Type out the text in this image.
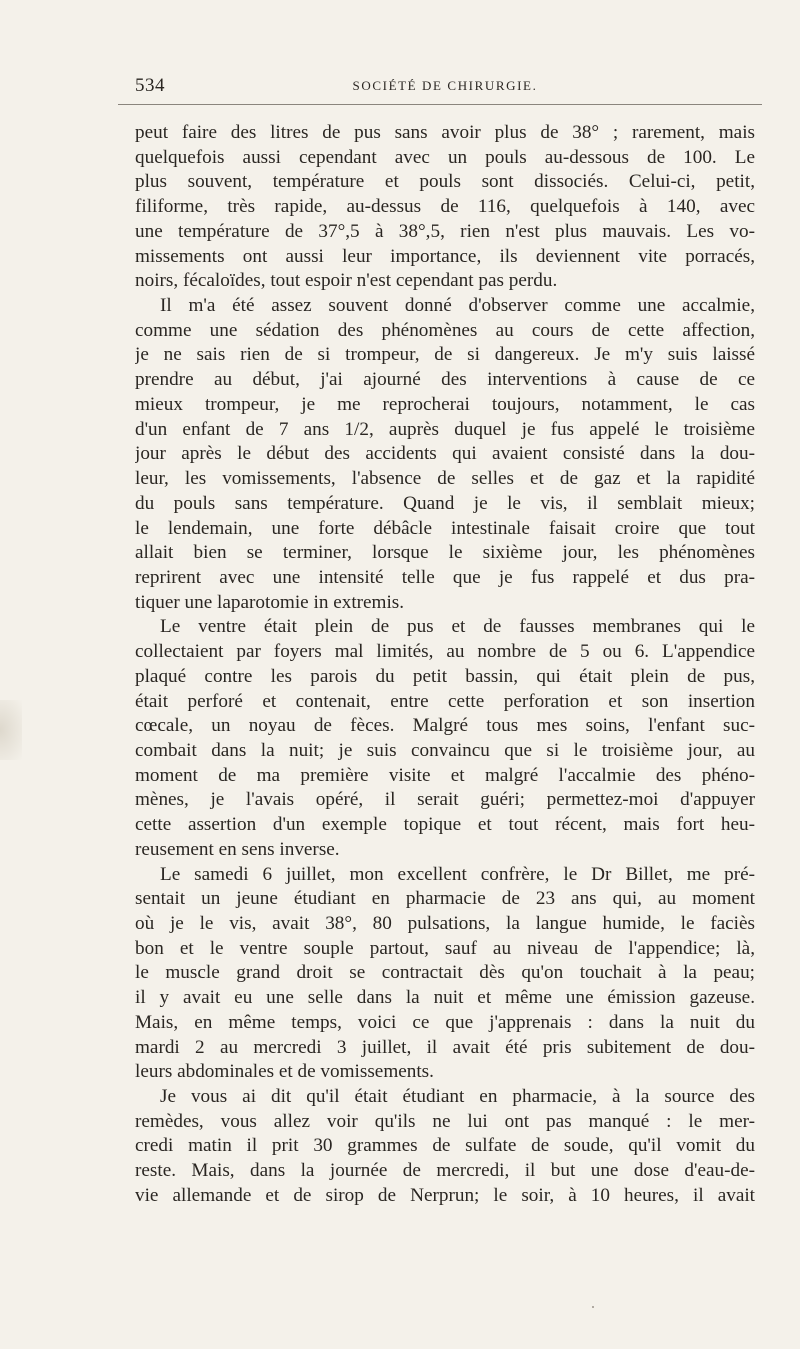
534	SOCIÉTÉ DE CHIRURGIE.
peut faire des litres de pus sans avoir plus de 38° ; rarement, mais
quelquefois aussi cependant avec un pouls au-dessous de 100. Le
plus souvent, température et pouls sont dissociés. Celui-ci, petit,
filiforme, très rapide, au-dessus de 116, quelquefois à 140, avec
une température de 37°,5 à 38°,5, rien n'est plus mauvais. Les vo-
missements ont aussi leur importance, ils deviennent vite porracés,
noirs, fécaloïdes, tout espoir n'est cependant pas perdu.
Il m'a été assez souvent donné d'observer comme une accalmie,
comme une sédation des phénomènes au cours de cette affection,
je ne sais rien de si trompeur, de si dangereux. Je m'y suis laissé
prendre au début, j'ai ajourné des interventions à cause de ce
mieux trompeur, je me reprocherai toujours, notamment, le cas
d'un enfant de 7 ans 1/2, auprès duquel je fus appelé le troisième
jour après le début des accidents qui avaient consisté dans la dou-
leur, les vomissements, l'absence de selles et de gaz et la rapidité
du pouls sans température. Quand je le vis, il semblait mieux;
le lendemain, une forte débâcle intestinale faisait croire que tout
allait bien se terminer, lorsque le sixième jour, les phénomènes
reprirent avec une intensité telle que je fus rappelé et dus pra-
tiquer une laparotomie in extremis.
Le ventre était plein de pus et de fausses membranes qui le
collectaient par foyers mal limités, au nombre de 5 ou 6. L'appendice
plaqué contre les parois du petit bassin, qui était plein de pus,
était perforé et contenait, entre cette perforation et son insertion
cœcale, un noyau de fèces. Malgré tous mes soins, l'enfant suc-
combait dans la nuit; je suis convaincu que si le troisième jour, au
moment de ma première visite et malgré l'accalmie des phéno-
mènes, je l'avais opéré, il serait guéri; permettez-moi d'appuyer
cette assertion d'un exemple topique et tout récent, mais fort heu-
reusement en sens inverse.
Le samedi 6 juillet, mon excellent confrère, le Dr Billet, me pré-
sentait un jeune étudiant en pharmacie de 23 ans qui, au moment
où je le vis, avait 38°, 80 pulsations, la langue humide, le faciès
bon et le ventre souple partout, sauf au niveau de l'appendice; là,
le muscle grand droit se contractait dès qu'on touchait à la peau;
il y avait eu une selle dans la nuit et même une émission gazeuse.
Mais, en même temps, voici ce que j'apprenais : dans la nuit du
mardi 2 au mercredi 3 juillet, il avait été pris subitement de dou-
leurs abdominales et de vomissements.
Je vous ai dit qu'il était étudiant en pharmacie, à la source des
remèdes, vous allez voir qu'ils ne lui ont pas manqué : le mer-
credi matin il prit 30 grammes de sulfate de soude, qu'il vomit du
reste. Mais, dans la journée de mercredi, il but une dose d'eau-de-
vie allemande et de sirop de Nerprun; le soir, à 10 heures, il avait
